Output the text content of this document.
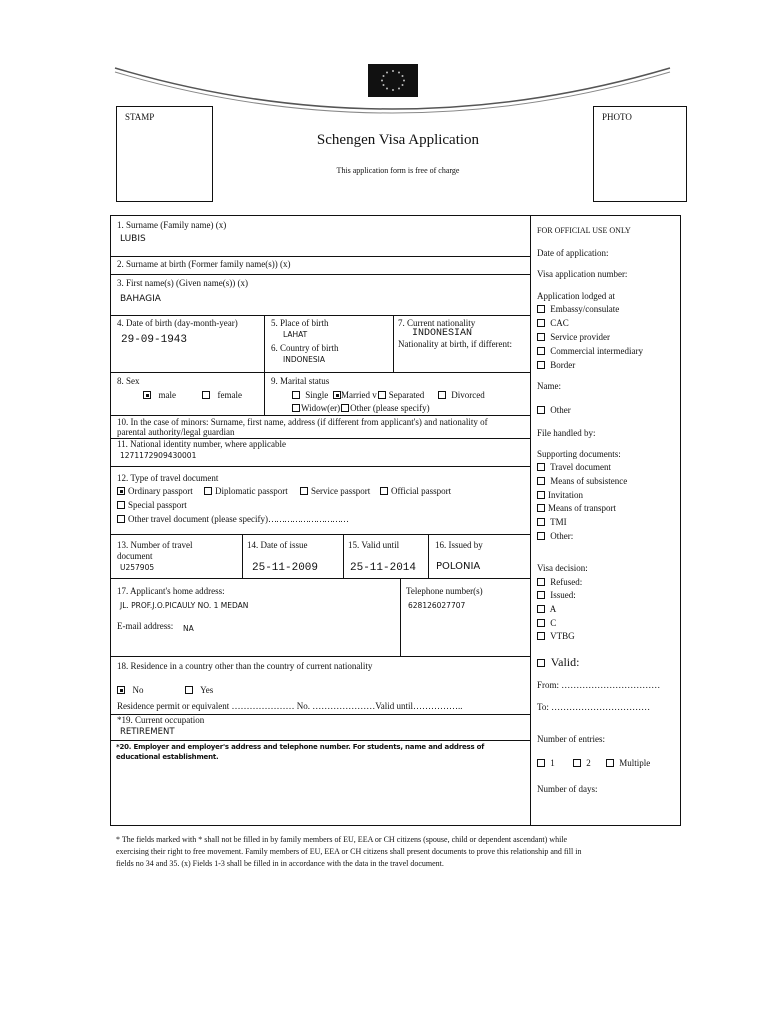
STAMP	PHOTO
Schengen Visa Application
This application form is free of charge
1. Surname (Family name) (x)
LUBIS
2. Surname at birth (Former family name(s)) (x)
3. First name(s) (Given name(s)) (x)
BAHAGIA
4. Date of birth (day-month-year)
29-09-1943
5. Place of birth
LAHAT
6. Country of birth
INDONESIA
7. Current nationality
INDONESIAN
Nationality at birth, if different:
8. Sex
male	female
9. Marital status
Single	Married v Separated	Divorced
Widow(er) Other (please specify)
10. In the case of minors: Surname, first name, address (if different from applicant's) and nationality of
parental authority/legal guardian
11. National identity number, where applicable
1271172909430001
12. Type of travel document
Ordinary passport	Diplomatic passport	Service passport	Official passport
Special passport
Other travel document (please specify)…………………………
13. Number of travel
document
U257905
14. Date of issue
25-11-2009
15. Valid until
25-11-2014
16. Issued by
POLONIA
17. Applicant's home address:
JL. PROF.J.O.PICAULY NO. 1 MEDAN
Telephone number(s)
628126027707
E-mail address: NA
18. Residence in a country other than the country of current nationality
No	Yes
Residence permit or equivalent ………………… No. …………………Valid until……………..
*19. Current occupation
RETIREMENT
*20. Employer and employer's address and telephone number. For students, name and address of
educational establishment.
FOR OFFICIAL USE ONLY
Date of application:
Visa application number:
Application lodged at
Embassy/consulate
CAC
Service provider
Commercial intermediary
Border
Name:
Other
File handled by:
Supporting documents:
Travel document
Means of subsistence
Invitation
Means of transport
TMI
Other:
Visa decision:
Refused:
Issued:
A
C
VTBG
Valid:
From: ……………………………
To: ……………………………
Number of entries:
1	2	Multiple
Number of days:
* The fields marked with * shall not be filled in by family members of EU, EEA or CH citizens (spouse, child or dependent ascendant) while
exercising their right to free movement. Family members of EU, EEA or CH citizens shall present documents to prove this relationship and fill in
fields no 34 and 35. (x) Fields 1-3 shall be filled in in accordance with the data in the travel document.
